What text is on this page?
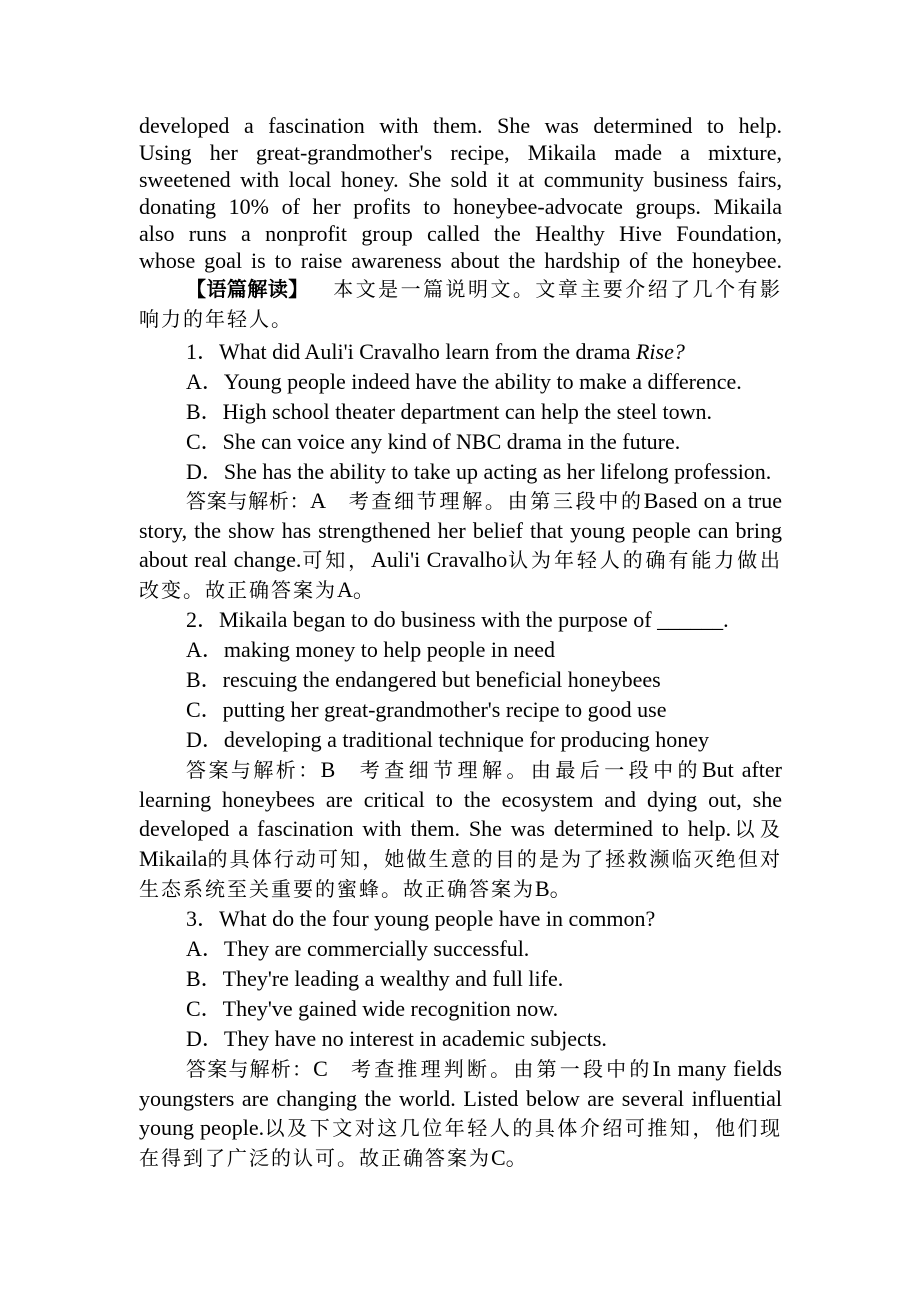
developed a fascination with them. She was determined to help.

Using her great-grandmother's recipe, Mikaila made a mixture,

sweetened with local honey. She sold it at community business fairs,

donating 10% of her profits to honeybee-advocate groups. Mikaila

also runs a nonprofit group called the Healthy Hive Foundation,

whose goal is to raise awareness about the hardship of the honeybee.

【语篇解读】 本文是一篇说明文。文章主要介绍了几个有影响力的年轻人。

1．What did Auli'i Cravalho learn from the drama Rise?

A．Young people indeed have the ability to make a difference.

B．High school theater department can help the steel town.

C．She can voice any kind of NBC drama in the future.

D．She has the ability to take up acting as her lifelong profession.

答案与解析：A 考查细节理解。由第三段中的Based on a true story, the show has strengthened her belief that young people can bring about real change.可知，Auli'i Cravalho认为年轻人的确有能力做出改变。故正确答案为A。

2．Mikaila began to do business with the purpose of ______.

A．making money to help people in need

B．rescuing the endangered but beneficial honeybees

C．putting her great-grandmother's recipe to good use

D．developing a traditional technique for producing honey

答案与解析：B 考查细节理解。由最后一段中的But after learning honeybees are critical to the ecosystem and dying out, she developed a fascination with them. She was determined to help.以及Mikaila的具体行动可知，她做生意的目的是为了拯救濒临灭绝但对生态系统至关重要的蜜蜂。故正确答案为B。

3．What do the four young people have in common?

A．They are commercially successful.

B．They're leading a wealthy and full life.

C．They've gained wide recognition now.

D．They have no interest in academic subjects.

答案与解析：C 考查推理判断。由第一段中的In many fields youngsters are changing the world. Listed below are several influential young people.以及下文对这几位年轻人的具体介绍可推知，他们现在得到了广泛的认可。故正确答案为C。
